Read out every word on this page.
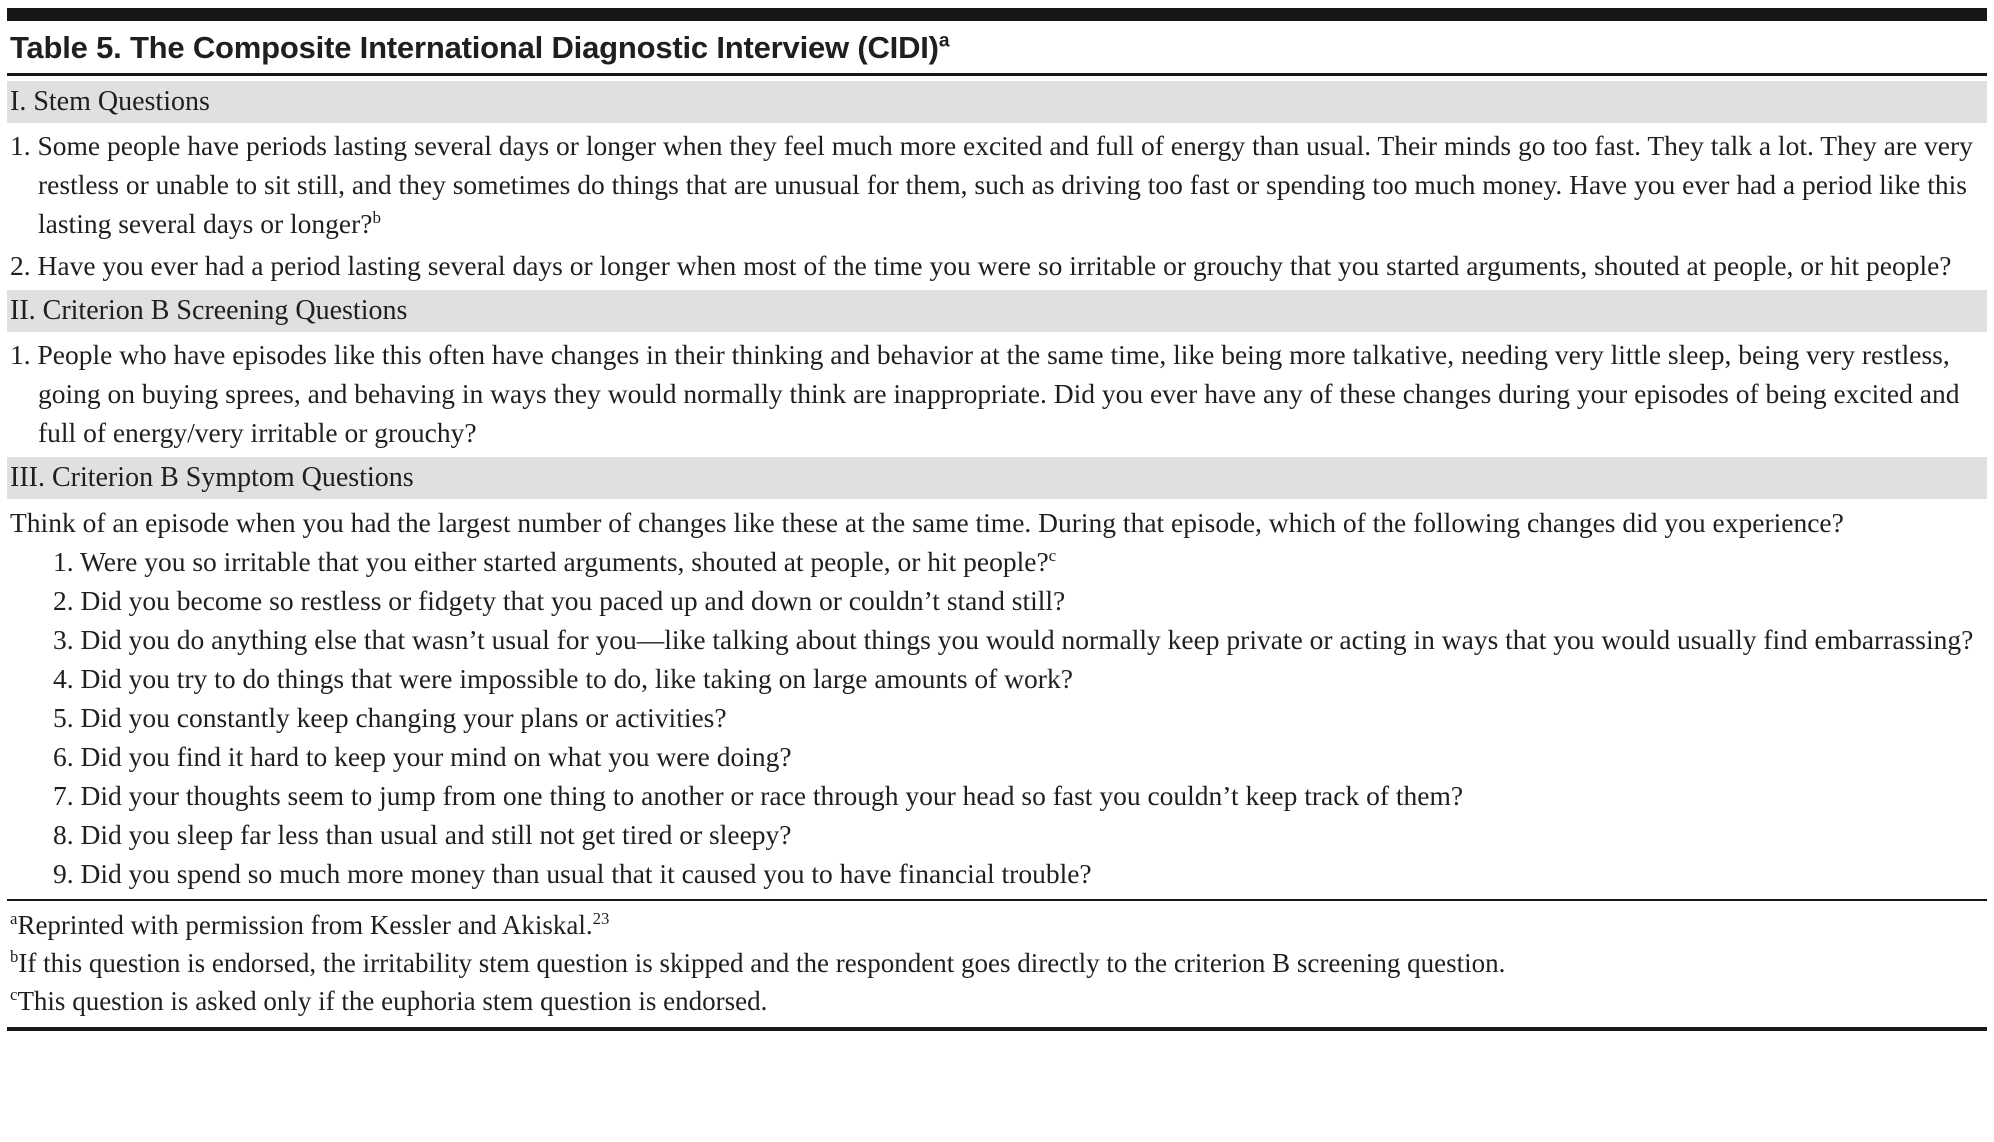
Table 5. The Composite International Diagnostic Interview (CIDI)$^a$
I. Stem Questions

1. Some people have periods lasting several days or longer when they feel much more excited and full of energy than usual. Their minds go too fast. They talk a lot. They are very restless or unable to sit still, and they sometimes do things that are unusual for them, such as driving too fast or spending too much money. Have you ever had a period like this lasting several days or longer?$^b$

2. Have you ever had a period lasting several days or longer when most of the time you were so irritable or grouchy that you started arguments, shouted at people, or hit people?

II. Criterion B Screening Questions

1. People who have episodes like this often have changes in their thinking and behavior at the same time, like being more talkative, needing very little sleep, being very restless, going on buying sprees, and behaving in ways they would normally think are inappropriate. Did you ever have any of these changes during your episodes of being excited and full of energy/very irritable or grouchy?

III. Criterion B Symptom Questions

Think of an episode when you had the largest number of changes like these at the same time. During that episode, which of the following changes did you experience?

1. Were you so irritable that you either started arguments, shouted at people, or hit people?$^c$

2. Did you become so restless or fidgety that you paced up and down or couldn’t stand still?

3. Did you do anything else that wasn’t usual for you—like talking about things you would normally keep private or acting in ways that you would usually find embarrassing?

4. Did you try to do things that were impossible to do, like taking on large amounts of work?

5. Did you constantly keep changing your plans or activities?

6. Did you find it hard to keep your mind on what you were doing?

7. Did your thoughts seem to jump from one thing to another or race through your head so fast you couldn’t keep track of them?

8. Did you sleep far less than usual and still not get tired or sleepy?

9. Did you spend so much more money than usual that it caused you to have financial trouble?

$^a$Reprinted with permission from Kessler and Akiskal.$^{23}$

$^b$If this question is endorsed, the irritability stem question is skipped and the respondent goes directly to the criterion B screening question.

$^c$This question is asked only if the euphoria stem question is endorsed.
